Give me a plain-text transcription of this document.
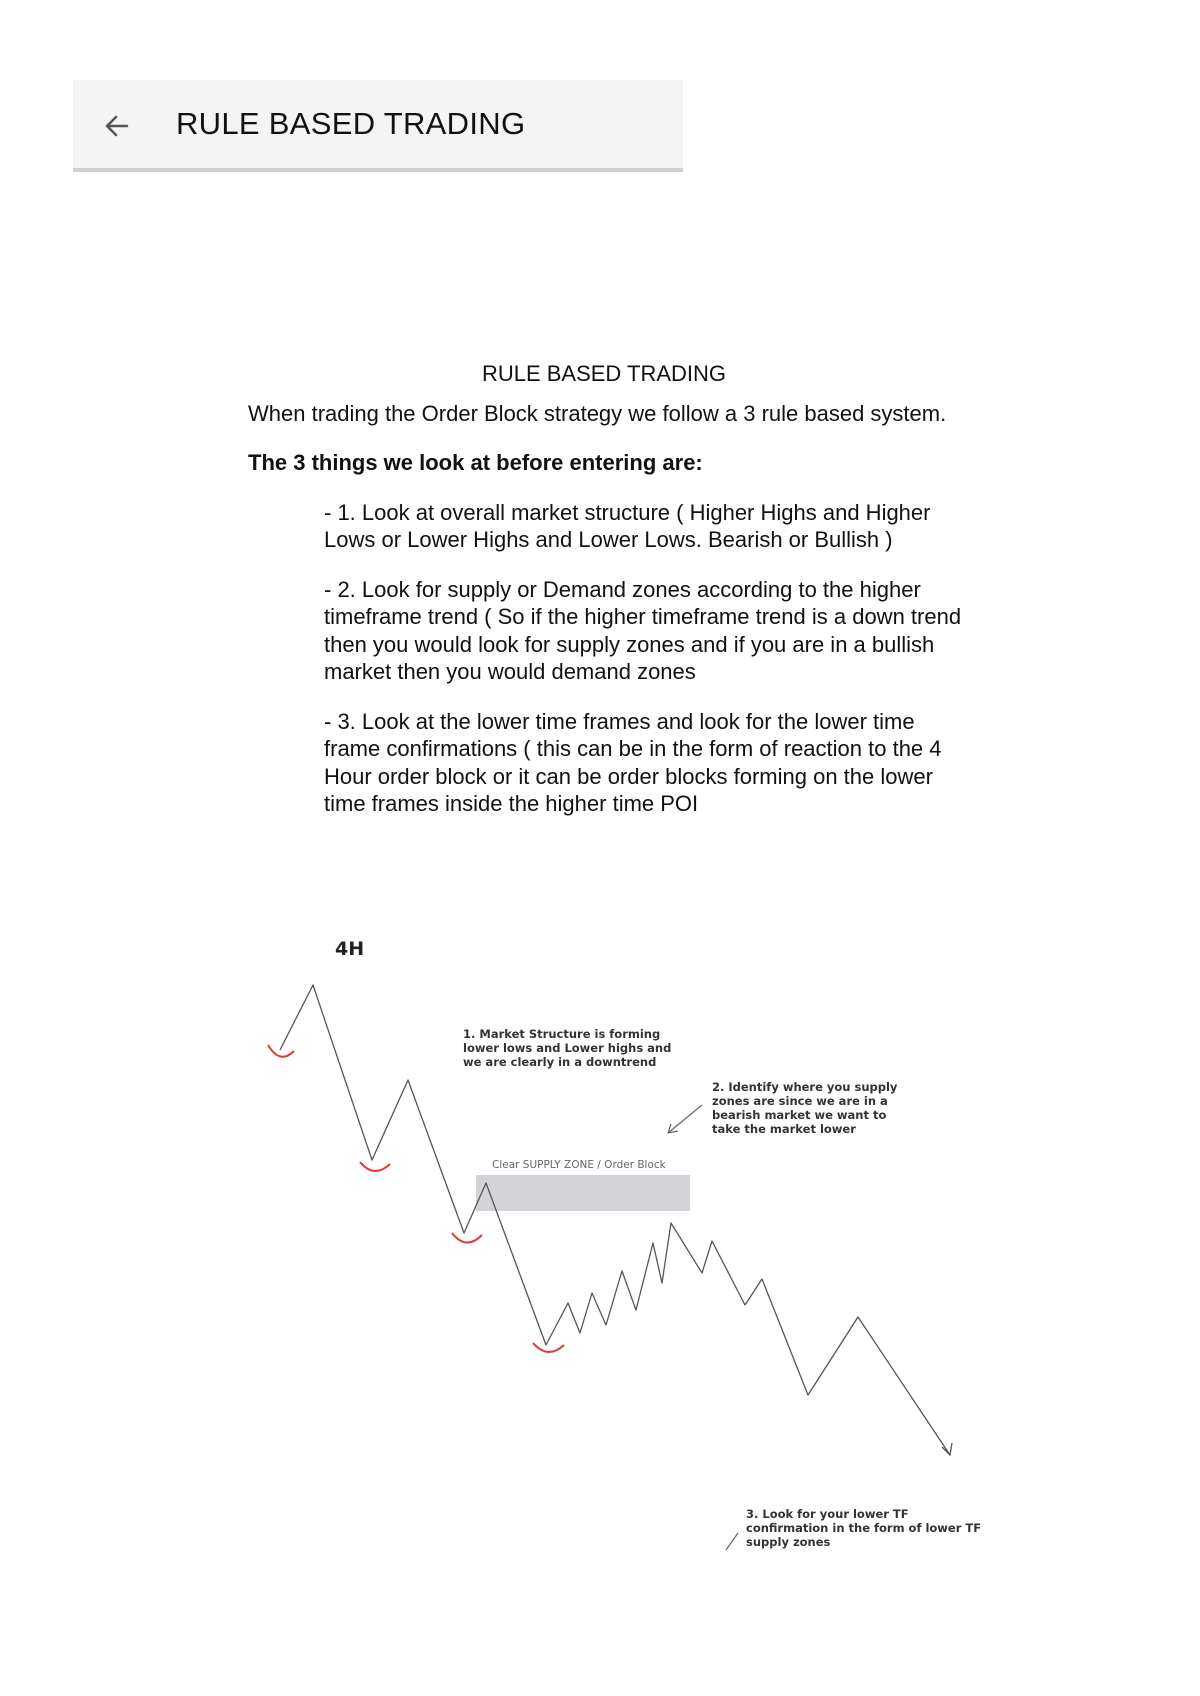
RULE BASED TRADING
RULE BASED TRADING

When trading the Order Block strategy we follow a 3 rule based system.

The 3 things we look at before entering are:

- 1. Look at overall market structure ( Higher Highs and Higher Lows or Lower Highs and Lower Lows. Bearish or Bullish )

- 2. Look for supply or Demand zones according to the higher timeframe trend ( So if the higher timeframe trend is a down trend then you would look for supply zones and if you are in a bullish market then you would demand zones

- 3. Look at the lower time frames and look for the lower time frame confirmations ( this can be in the form of reaction to the 4 Hour order block or it can be order blocks forming on the lower time frames inside the higher time POI

4H
Clear SUPPLY ZONE / Order Block
1. Market Structure is forming
lower lows and Lower highs and
we are clearly in a downtrend
2. Identify where you supply
zones are since we are in a
bearish market we want to
take the market lower
3. Look for your lower TF
confirmation in the form of lower TF
supply zones
